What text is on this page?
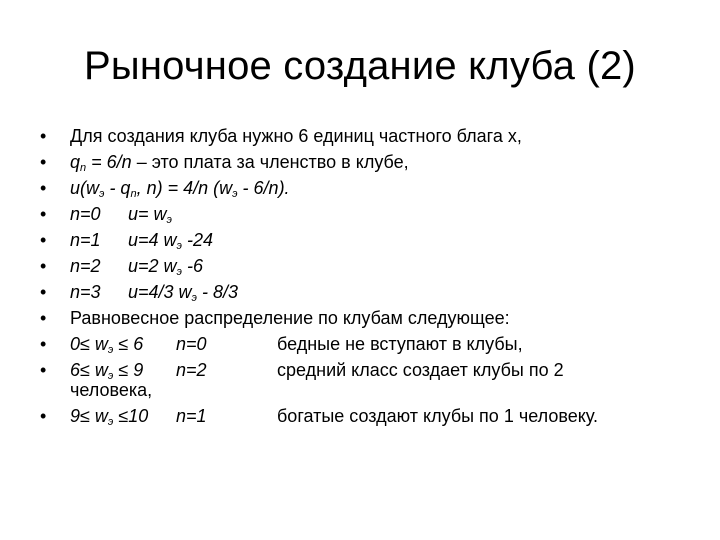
Рыночное создание клуба (2)
•	Для создания клуба нужно 6 единиц частного блага x,
•	$q_n = 6/n$ – это плата за членство в клубе,
•	$u(w_э - q_n$, n) = 4/n $(w_э - 6/n)$.
•	n=0 $u= w_э$
•	n=1 u=4 $w_э$ -24
•	n=2 u=2 $w_э$ -6
•	n=3 u=4/3 $w_э - 8/3$
•	Равновесное распределение по клубам следующее:
•	$0\le w_э \le 6$ n=0	бедные не вступают в клубы,
•	$6\le w_э \le 9$ n=2	средний класс создает клубы по 2
человека,
•	$9\le w_э \le 10$ n=1	богатые создают клубы по 1 человеку.
